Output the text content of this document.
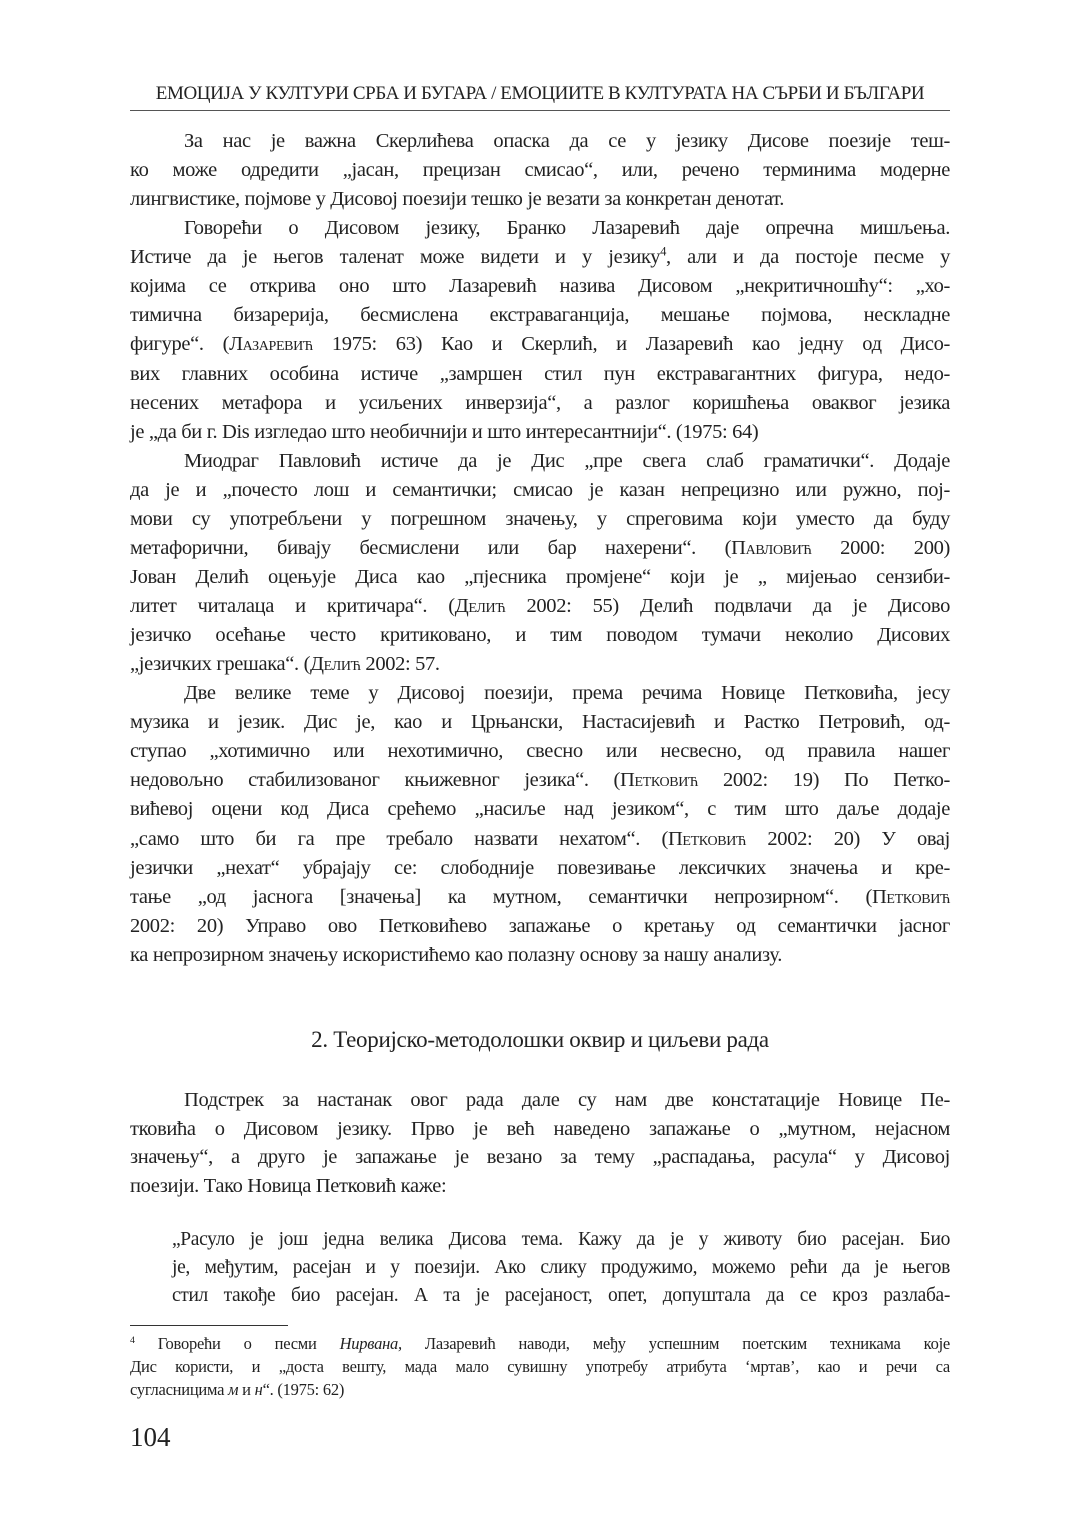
ЕМОЦИЈА У КУЛТУРИ СРБА И БУГАРА / ЕМОЦИИТЕ В КУЛТУРАТА НА СЪРБИ И БЪЛГАРИ
За нас је важна Скерлићева опаска да се у језику Дисове поезије теш-
ко може одредити „јасан, прецизан смисао“, или, речено терминима модерне
лингвистике, појмове у Дисовој поезији тешко је везати за конкретан денотат.
Говорећи о Дисовом језику, Бранко Лазаревић даје опречна мишљења.
Истиче да је његов таленат може видети и у језику$^4$, али и да постоје песме у
којима се открива оно што Лазаревић назива Дисовом „некритичношћу“: „хо-
тимична бизарерија, бесмислена екстраваганција, мешање појмова, нескладне
фигуре“. (Лазаревић 1975: 63) Као и Скерлић, и Лазаревић као једну од Дисо-
вих главних особина истиче „замршен стил пун екстравагантних фигура, недо-
несених метафора и усиљених инверзија“, а разлог коришћења оваквог језика
је „да би г. Dis изгледао што необичнији и што интересантнији“. (1975: 64)
Миодраг Павловић истиче да је Дис „пре свега слаб граматички“. Додаје
да је и „почесто лош и семантички; смисао је казан непрецизно или ружно, пој-
мови су употребљени у погрешном значењу, у спреговима који уместо да буду
метафорични, бивају бесмислени или бар нахерени“. (Павловић 2000: 200)
Јован Делић оцењује Диса као „пјесника промјене“ који је „ мијењао сензиби-
литет читалаца и критичара“. (Делић 2002: 55) Делић подвлачи да је Дисово
језичко осећање често критиковано, и тим поводом тумачи неколио Дисових
„језичких грешака“. (Делић 2002: 57.
Две велике теме у Дисовој поезији, према речима Новице Петковића, јесу
музика и језик. Дис је, као и Црњански, Настасијевић и Растко Петровић, од-
ступао „хотимично или нехотимично, свесно или несвесно, од правила нашег
недовољно стабилизованог књижевног језика“. (Петковић 2002: 19) По Петко-
вићевој оцени код Диса срећемо „насиље над језиком“, с тим што даље додаје
„само што би га пре требало назвати нехатом“. (Петковић 2002: 20) У овај
језички „нехат“ убрајају се: слободније повезивање лексичких значења и кре-
тање „од јаснога [значења] ка мутном, семантички непрозирном“. (Петковић
2002: 20) Управо ово Петковићево запажање о кретању од семантички јасног
ка непрозирном значењу искористићемо као полазну основу за нашу анализу.
2. Теоријско-методолошки оквир и циљеви рада
Подстрек за настанак овог рада дале су нам две констатације Новице Пе-
тковића о Дисовом језику. Прво је већ наведено запажање о „мутном, нејасном
значењу“, а друго је запажање је везано за тему „распадања, расула“ у Дисовој
поезији. Тако Новица Петковић каже:
„Расуло је још једна велика Дисова тема. Кажу да је у животу био расејан. Био
је, међутим, расејан и у поезији. Ако слику продужимо, можемо рећи да је његов
стил такође био расејан. А та је расејаност, опет, допуштала да се кроз разлаба-
$^4$ Говорећи о песми Нирвана, Лазаревић наводи, међу успешним поетским техникама које
Дис користи, и „доста вешту, мада мало сувишну употребу атрибута ‘мртав’, као и речи са
сугласницима м и н“. (1975: 62)
104
